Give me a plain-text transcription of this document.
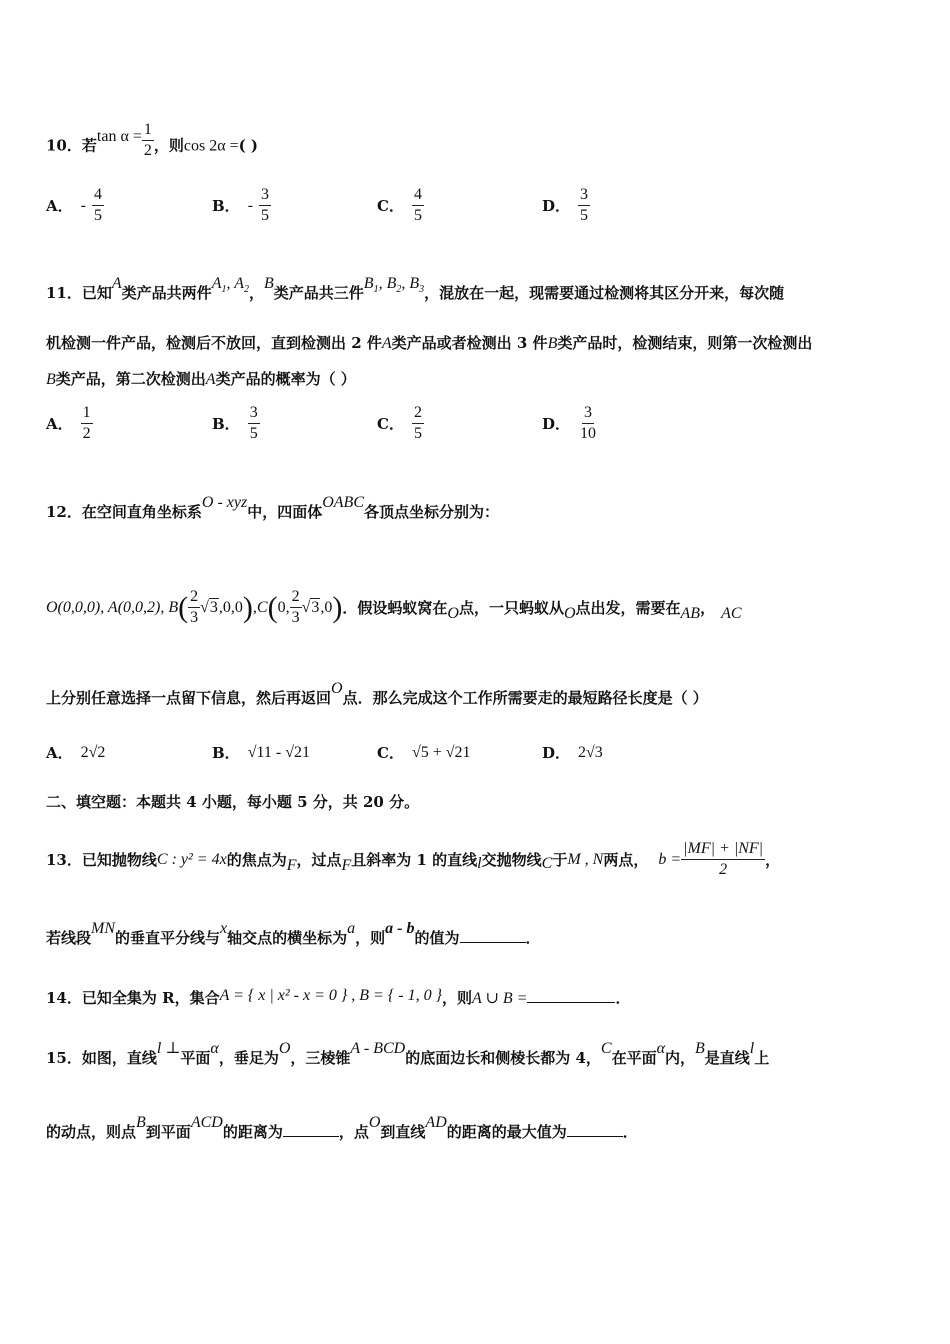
10．若$\tan \alpha = \frac{1}{2}$ ，则cos 2α =( )
A． - $\frac{4}{5}$	B． - $\frac{3}{5}$	C． $\frac{4}{5}$	D． $\frac{3}{5}$
11．已知A类产品共两件$A_1$, $A_2$，B类产品共三件$B_1$, $B_2$, $B_3$，混放在一起，现需要通过检测将其区分开来，每次随
机检测一件产品，检测后不放回，直到检测出 2 件A类产品或者检测出 3 件B类产品时，检测结束，则第一次检测出
B类产品，第二次检测出A类产品的概率为（ ）
A． $\frac{1}{2}$	B． $\frac{3}{5}$	C． $\frac{2}{5}$	D． $\frac{3}{10}$
12．在空间直角坐标系O - xyz中，四面体OABC各顶点坐标分别为：
O(0,0,0), A(0,0,2), B ( $\frac{2}{3} √3,0,0$ ) ,C ( 0, $\frac{2}{3} √3,0$ ) ．假设蚂蚁窝在 O 点，一只蚂蚁从 O 点出发，需要在 AB ， AC
上分别任意选择一点留下信息，然后再返回O点．那么完成这个工作所需要走的最短路径长度是（ ）
A． 2√2	B． √11 - √21	C． √5 + √21	D． 2√3
二、填空题：本题共 4 小题，每小题 5 分，共 20 分。
13． 已知抛物线 C : y² = 4x 的焦点为 F ，过点 F 且斜率为 1 的直线 l 交抛物线 C 于 M , N 两点， $b = \frac{|MF| + |NF|}{2}$ ，
若线段MN的垂直平分线与x轴交点的横坐标为a，则a - b的值为	．
14．已知全集为 R，集合A = { x | x² - x = 0 } , B = { - 1, 0 }，则A ∪ B =	．
15．如图，直线l ⊥平面α，垂足为O，三棱锥A - BCD的底面边长和侧棱长都为 4，C在平面α内，B是直线l上
的动点，则点B到平面ACD的距离为	，点O到直线AD的距离的最大值为	．
